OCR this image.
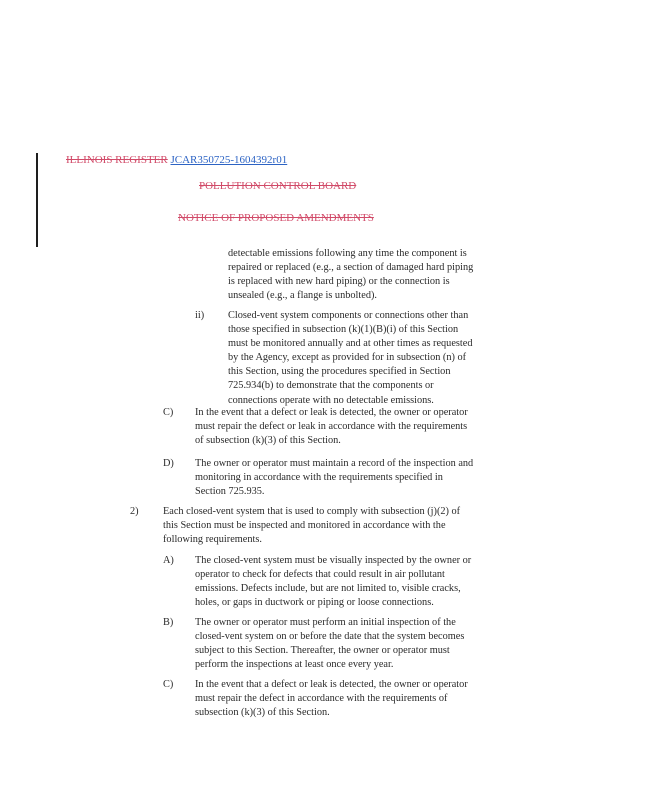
ILLINOIS REGISTER JCAR350725-1604392r01
POLLUTION CONTROL BOARD
NOTICE OF PROPOSED AMENDMENTS
detectable emissions following any time the component is
repaired or replaced (e.g., a section of damaged hard piping
is replaced with new hard piping) or the connection is
unsealed (e.g., a flange is unbolted).
ii) Closed-vent system components or connections other than
those specified in subsection (k)(1)(B)(i) of this Section
must be monitored annually and at other times as requested
by the Agency, except as provided for in subsection (n) of
this Section, using the procedures specified in Section
725.934(b) to demonstrate that the components or
connections operate with no detectable emissions.
C) In the event that a defect or leak is detected, the owner or operator
must repair the defect or leak in accordance with the requirements
of subsection (k)(3) of this Section.
D) The owner or operator must maintain a record of the inspection and
monitoring in accordance with the requirements specified in
Section 725.935.
2) Each closed-vent system that is used to comply with subsection (j)(2) of
this Section must be inspected and monitored in accordance with the
following requirements.
A) The closed-vent system must be visually inspected by the owner or
operator to check for defects that could result in air pollutant
emissions. Defects include, but are not limited to, visible cracks,
holes, or gaps in ductwork or piping or loose connections.
B) The owner or operator must perform an initial inspection of the
closed-vent system on or before the date that the system becomes
subject to this Section. Thereafter, the owner or operator must
perform the inspections at least once every year.
C) In the event that a defect or leak is detected, the owner or operator
must repair the defect in accordance with the requirements of
subsection (k)(3) of this Section.
